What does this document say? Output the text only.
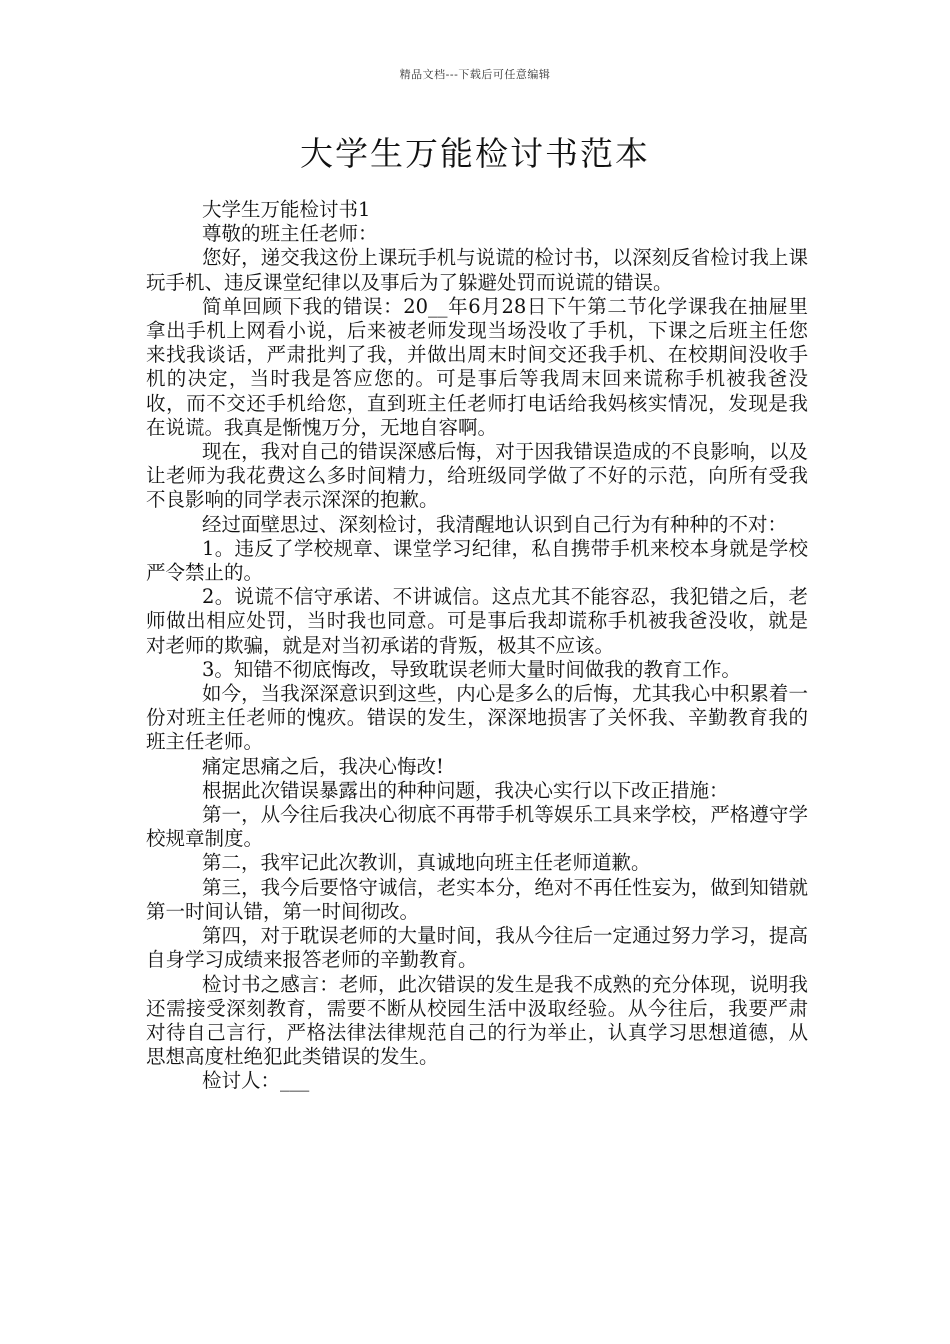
精品文档---下载后可任意编辑
大学生万能检讨书范本

大学生万能检讨书1

尊敬的班主任老师：

您好，递交我这份上课玩手机与说谎的检讨书，以深刻反省检讨我上课玩手机、违反课堂纪律以及事后为了躲避处罚而说谎的错误。

简单回顾下我的错误：20__年6月28日下午第二节化学课我在抽屉里拿出手机上网看小说，后来被老师发现当场没收了手机，下课之后班主任您来找我谈话，严肃批判了我，并做出周末时间交还我手机、在校期间没收手机的决定，当时我是答应您的。可是事后等我周末回来谎称手机被我爸没收，而不交还手机给您，直到班主任老师打电话给我妈核实情况，发现是我在说谎。我真是惭愧万分，无地自容啊。

现在，我对自己的错误深感后悔，对于因我错误造成的不良影响，以及让老师为我花费这么多时间精力，给班级同学做了不好的示范，向所有受我不良影响的同学表示深深的抱歉。

经过面壁思过、深刻检讨，我清醒地认识到自己行为有种种的不对：

1。违反了学校规章、课堂学习纪律，私自携带手机来校本身就是学校严令禁止的。

2。说谎不信守承诺、不讲诚信。这点尤其不能容忍，我犯错之后，老师做出相应处罚，当时我也同意。可是事后我却谎称手机被我爸没收，就是对老师的欺骗，就是对当初承诺的背叛，极其不应该。

3。知错不彻底悔改，导致耽误老师大量时间做我的教育工作。

如今，当我深深意识到这些，内心是多么的后悔，尤其我心中积累着一份对班主任老师的愧疚。错误的发生，深深地损害了关怀我、辛勤教育我的班主任老师。

痛定思痛之后，我决心悔改!

根据此次错误暴露出的种种问题，我决心实行以下改正措施：

第一，从今往后我决心彻底不再带手机等娱乐工具来学校，严格遵守学校规章制度。

第二，我牢记此次教训，真诚地向班主任老师道歉。

第三，我今后要恪守诚信，老实本分，绝对不再任性妄为，做到知错就第一时间认错，第一时间彻改。

第四，对于耽误老师的大量时间，我从今往后一定通过努力学习，提高自身学习成绩来报答老师的辛勤教育。

检讨书之感言：老师，此次错误的发生是我不成熟的充分体现，说明我还需接受深刻教育，需要不断从校园生活中汲取经验。从今往后，我要严肃对待自己言行，严格法律法律规范自己的行为举止，认真学习思想道德，从思想高度杜绝犯此类错误的发生。

检讨人：___
